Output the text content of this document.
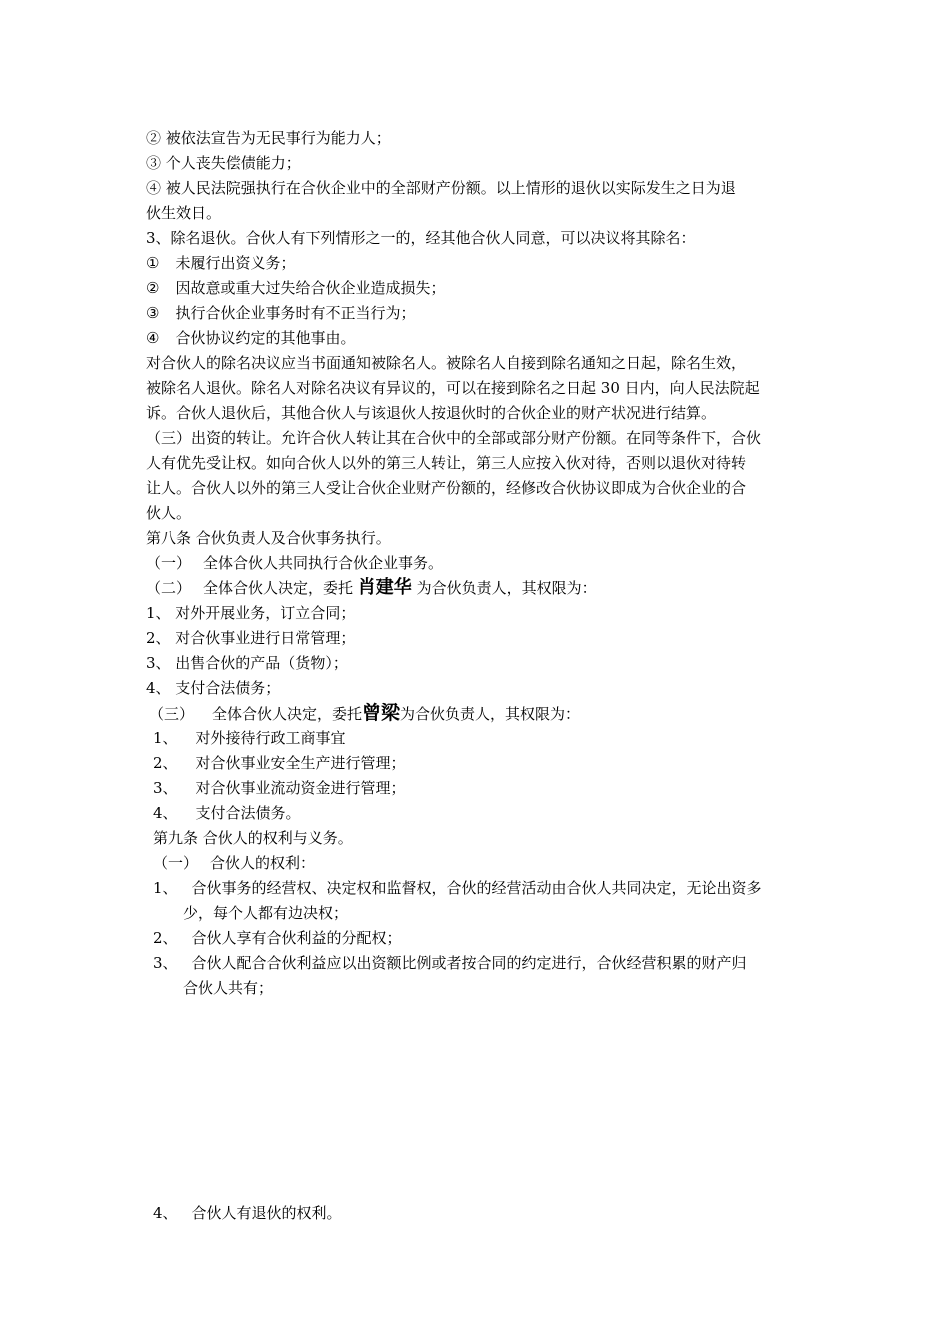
② 被依法宣告为无民事行为能力人；
③ 个人丧失偿债能力；
④ 被人民法院强执行在合伙企业中的全部财产份额。以上情形的退伙以实际发生之日为退
伙生效日。
3、除名退伙。合伙人有下列情形之一的，经其他合伙人同意，可以决议将其除名：
① 未履行出资义务；
② 因故意或重大过失给合伙企业造成损失；
③ 执行合伙企业事务时有不正当行为；
④ 合伙协议约定的其他事由。
对合伙人的除名决议应当书面通知被除名人。被除名人自接到除名通知之日起，除名生效，
被除名人退伙。除名人对除名决议有异议的，可以在接到除名之日起 30 日内，向人民法院起
诉。合伙人退伙后，其他合伙人与该退伙人按退伙时的合伙企业的财产状况进行结算。
（三）出资的转让。允许合伙人转让其在合伙中的全部或部分财产份额。在同等条件下，合伙
人有优先受让权。如向合伙人以外的第三人转让，第三人应按入伙对待，否则以退伙对待转
让人。合伙人以外的第三人受让合伙企业财产份额的，经修改合伙协议即成为合伙企业的合
伙人。
第八条 合伙负责人及合伙事务执行。
（一） 全体合伙人共同执行合伙企业事务。
（二） 全体合伙人决定，委托 肖建华 为合伙负责人，其权限为：
1、 对外开展业务，订立合同；
2、 对合伙事业进行日常管理；
3、 出售合伙的产品（货物）；
4、 支付合法债务；
（三） 全体合伙人决定，委托曾梁为合伙负责人，其权限为：
1、 对外接待行政工商事宜
2、 对合伙事业安全生产进行管理；
3、 对合伙事业流动资金进行管理；
4、 支付合法债务。
第九条 合伙人的权利与义务。
（一） 合伙人的权利：
1、 合伙事务的经营权、决定权和监督权，合伙的经营活动由合伙人共同决定，无论出资多
少，每个人都有边决权；
2、 合伙人享有合伙利益的分配权；
3、 合伙人配合合伙利益应以出资额比例或者按合同的约定进行，合伙经营积累的财产归
合伙人共有；
4、 合伙人有退伙的权利。
